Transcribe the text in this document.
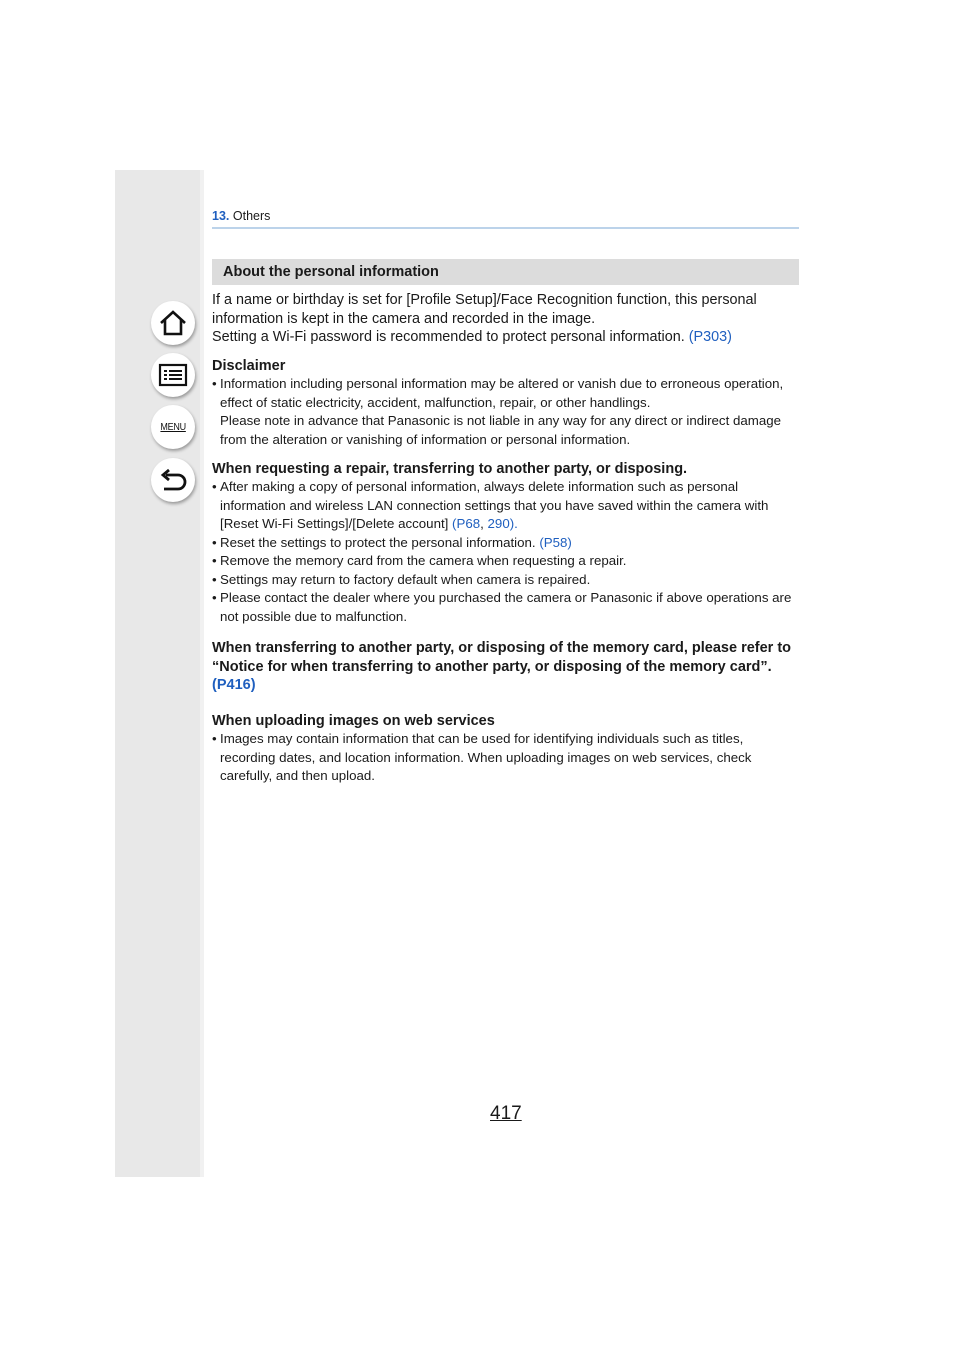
MENU
13. Others
About the personal information

If a name or birthday is set for [Profile Setup]/Face Recognition function, this personal information is kept in the camera and recorded in the image.

Setting a Wi-Fi password is recommended to protect personal information. (P303)

Disclaimer

• Information including personal information may be altered or vanish due to erroneous operation, effect of static electricity, accident, malfunction, repair, or other handlings.
Please note in advance that Panasonic is not liable in any way for any direct or indirect damage from the alteration or vanishing of information or personal information.

When requesting a repair, transferring to another party, or disposing.

• After making a copy of personal information, always delete information such as personal information and wireless LAN connection settings that you have saved within the camera with [Reset Wi-Fi Settings]/[Delete account] (P68, 290).
• Reset the settings to protect the personal information. (P58)
• Remove the memory card from the camera when requesting a repair.
• Settings may return to factory default when camera is repaired.
• Please contact the dealer where you purchased the camera or Panasonic if above operations are not possible due to malfunction.

When transferring to another party, or disposing of the memory card, please refer to “Notice for when transferring to another party, or disposing of the memory card”.
(P416)

When uploading images on web services

• Images may contain information that can be used for identifying individuals such as titles, recording dates, and location information. When uploading images on web services, check carefully, and then upload.
417
